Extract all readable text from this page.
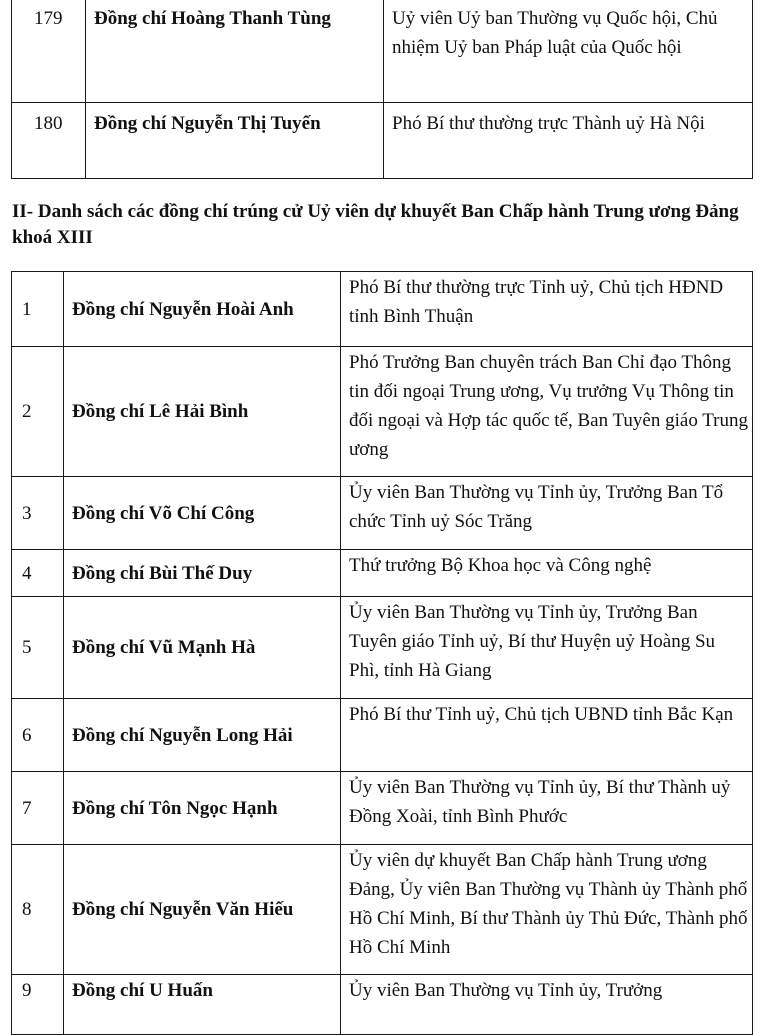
179	Đồng chí Hoàng Thanh Tùng	Uỷ viên Uỷ ban Thường vụ Quốc hội, Chủ nhiệm Uỷ ban Pháp luật của Quốc hội
180	Đồng chí Nguyễn Thị Tuyến	Phó Bí thư thường trực Thành uỷ Hà Nội

II- Danh sách các đồng chí trúng cử Uỷ viên dự khuyết Ban Chấp hành Trung ương Đảng khoá XIII

1	Đồng chí Nguyễn Hoài Anh	Phó Bí thư thường trực Tỉnh uỷ, Chủ tịch HĐND tỉnh Bình Thuận
2	Đồng chí Lê Hải Bình	Phó Trưởng Ban chuyên trách Ban Chỉ đạo Thông tin đối ngoại Trung ương, Vụ trưởng Vụ Thông tin đối ngoại và Hợp tác quốc tế, Ban Tuyên giáo Trung ương
3	Đồng chí Võ Chí Công	Ủy viên Ban Thường vụ Tỉnh ủy, Trưởng Ban Tổ chức Tỉnh uỷ Sóc Trăng
4	Đồng chí Bùi Thế Duy	Thứ trưởng Bộ Khoa học và Công nghệ
5	Đồng chí Vũ Mạnh Hà	Ủy viên Ban Thường vụ Tỉnh ủy, Trưởng Ban Tuyên giáo Tỉnh uỷ, Bí thư Huyện uỷ Hoàng Su Phì, tỉnh Hà Giang
6	Đồng chí Nguyễn Long Hải	Phó Bí thư Tỉnh uỷ, Chủ tịch UBND tỉnh Bắc Kạn
7	Đồng chí Tôn Ngọc Hạnh	Ủy viên Ban Thường vụ Tỉnh ủy, Bí thư Thành uỷ Đồng Xoài, tỉnh Bình Phước
8	Đồng chí Nguyễn Văn Hiếu	Ủy viên dự khuyết Ban Chấp hành Trung ương Đảng, Ủy viên Ban Thường vụ Thành ủy Thành phố Hồ Chí Minh, Bí thư Thành ủy Thủ Đức, Thành phố Hồ Chí Minh
9	Đồng chí U Huấn	Ủy viên Ban Thường vụ Tỉnh ủy, Trưởng
